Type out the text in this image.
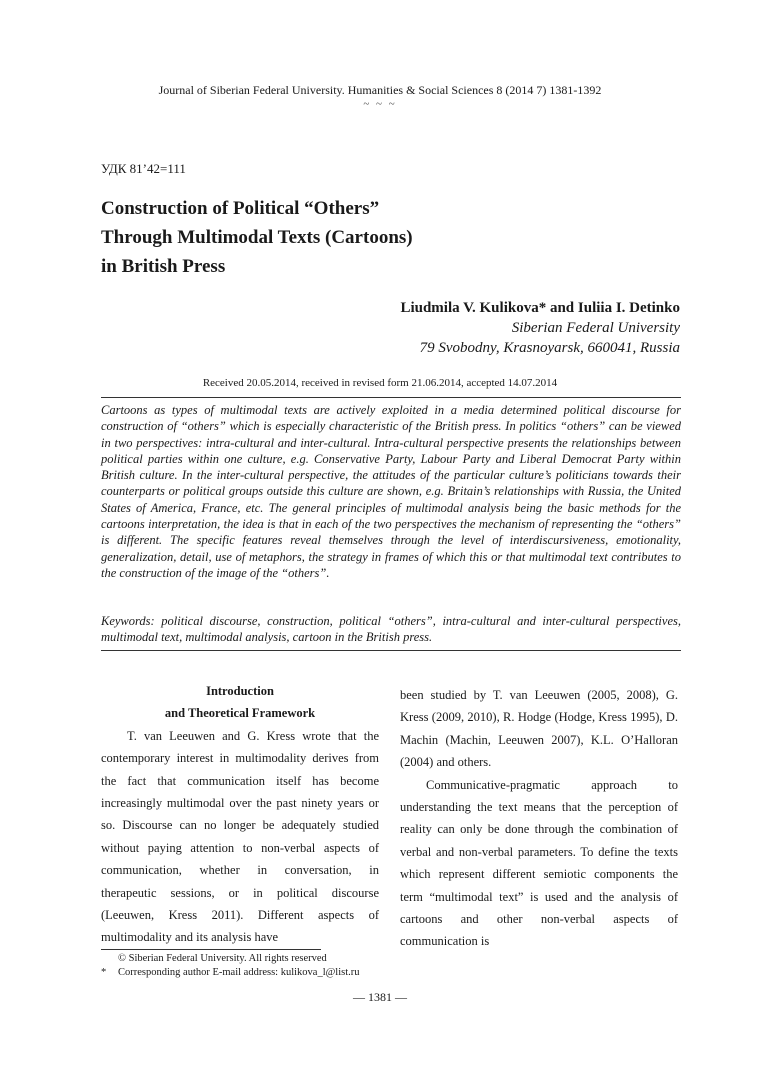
Journal of Siberian Federal University. Humanities & Social Sciences 8 (2014 7) 1381-1392
~ ~ ~
УДК 81’42=111
Construction of Political “Others”
Through Multimodal Texts (Cartoons)
in British Press
Liudmila V. Kulikova* and Iuliia I. Detinko
Siberian Federal University
79 Svobodny, Krasnoyarsk, 660041, Russia
Received 20.05.2014, received in revised form 21.06.2014, accepted 14.07.2014
Cartoons as types of multimodal texts are actively exploited in a media determined political discourse for construction of “others” which is especially characteristic of the British press. In politics “others” can be viewed in two perspectives: intra-cultural and inter-cultural. Intra-cultural perspective presents the relationships between political parties within one culture, e.g. Conservative Party, Labour Party and Liberal Democrat Party within British culture. In the inter-cultural perspective, the attitudes of the particular culture’s politicians towards their counterparts or political groups outside this culture are shown, e.g. Britain’s relationships with Russia, the United States of America, France, etc. The general principles of multimodal analysis being the basic methods for the cartoons interpretation, the idea is that in each of the two perspectives the mechanism of representing the “others” is different. The specific features reveal themselves through the level of interdiscursiveness, emotionality, generalization, detail, use of metaphors, the strategy in frames of which this or that multimodal text contributes to the construction of the image of the “others”.
Keywords: political discourse, construction, political “others”, intra-cultural and inter-cultural perspectives, multimodal text, multimodal analysis, cartoon in the British press.
Introduction
and Theoretical Framework

T. van Leeuwen and G. Kress wrote that the contemporary interest in multimodality derives from the fact that communication itself has become increasingly multimodal over the past ninety years or so. Discourse can no longer be adequately studied without paying attention to non-verbal aspects of communication, whether in conversation, in therapeutic sessions, or in political discourse (Leeuwen, Kress 2011). Different aspects of multimodality and its analysis have

been studied by T. van Leeuwen (2005, 2008), G. Kress (2009, 2010), R. Hodge (Hodge, Kress 1995), D. Machin (Machin, Leeuwen 2007), K.L. O’Halloran (2004) and others.

Communicative-pragmatic approach to understanding the text means that the perception of reality can only be done through the combination of verbal and non-verbal parameters. To define the texts which represent different semiotic components the term “multimodal text” is used and the analysis of cartoons and other non-verbal aspects of communication is

© Siberian Federal University. All rights reserved
* Corresponding author E-mail address: kulikova_l@list.ru
— 1381 —
